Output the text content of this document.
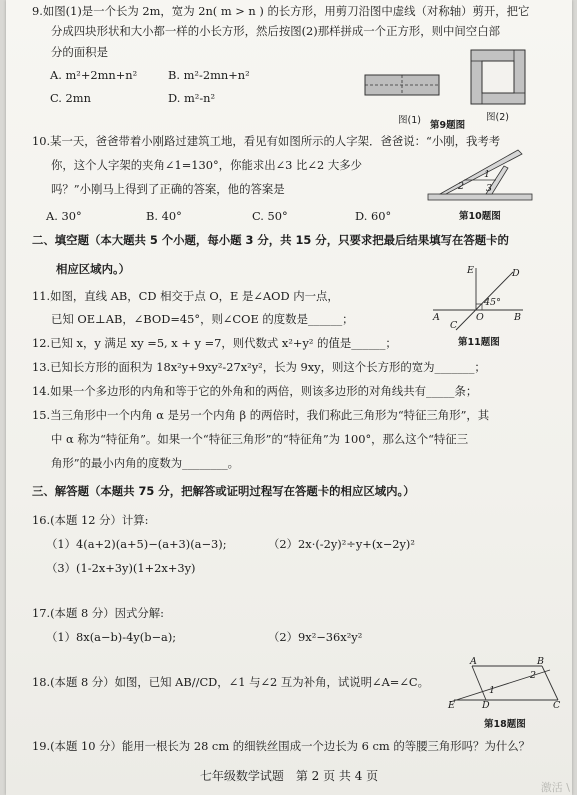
9.如图(1)是一个长为 2m，宽为 2n( m > n ) 的长方形，用剪刀沿图中虚线（对称轴）剪开，把它
分成四块形状和大小都一样的小长方形，然后按图(2)那样拼成一个正方形，则中间空白部
分的面积是
A. m²+2mn+n²	B. m²-2mn+n²
C. 2mn	D. m²-n²
图(1) 第9题图
图(2)
10.某一天，爸爸带着小刚路过建筑工地，看见有如图所示的人字架．爸爸说：“小刚，我考考
你，这个人字架的夹角∠1=130°，你能求出∠3 比∠2 大多少
吗？”小刚马上得到了正确的答案，他的答案是
A. 30°	B. 40°	C. 50°	D. 60°
2
1
3
第10题图
二、填空题（本大题共 5 个小题，每小题 3 分，共 15 分，只要求把最后结果填写在答题卡的
相应区域内。）
11.如图，直线 AB，CD 相交于点 O，E 是∠AOD 内一点，
已知 OE⊥AB，∠BOD=45°，则∠COE 的度数是______；
E	D
45°
A	O	B
C
第11题图
12.已知 x，y 满足 xy =5, x + y =7，则代数式 x²+y² 的值是______；
13.已知长方形的面积为 18x²y+9xy²-27x²y²，长为 9xy，则这个长方形的宽为_______；
14.如果一个多边形的内角和等于它的外角和的两倍，则该多边形的对角线共有_____条；
15.当三角形中一个内角 α 是另一个内角 β 的两倍时，我们称此三角形为“特征三角形”，其
中 α 称为“特征角”。如果一个“特征三角形”的“特征角”为 100°，那么这个“特征三
角形”的最小内角的度数为________。
三、解答题（本题共 75 分，把解答或证明过程写在答题卡的相应区域内。）
16.(本题 12 分）计算:
（1）4(a+2)(a+5)−(a+3)(a−3);	（2）2x·(-2y)²÷y+(x−2y)²
（3）(1-2x+3y)(1+2x+3y)
17.(本题 8 分）因式分解:
（1）8x(a−b)-4y(b−a);	（2）9x²−36x²y²
18.(本题 8 分）如图，已知 AB//CD，∠1 与∠2 互为补角，试说明∠A=∠C。
A	B
2
1
E	D	C
第18题图
19.(本题 10 分）能用一根长为 28 cm 的细铁丝围成一个边长为 6 cm 的等腰三角形吗？为什么？
七年级数学试题　第 2 页 共 4 页
激活 \
